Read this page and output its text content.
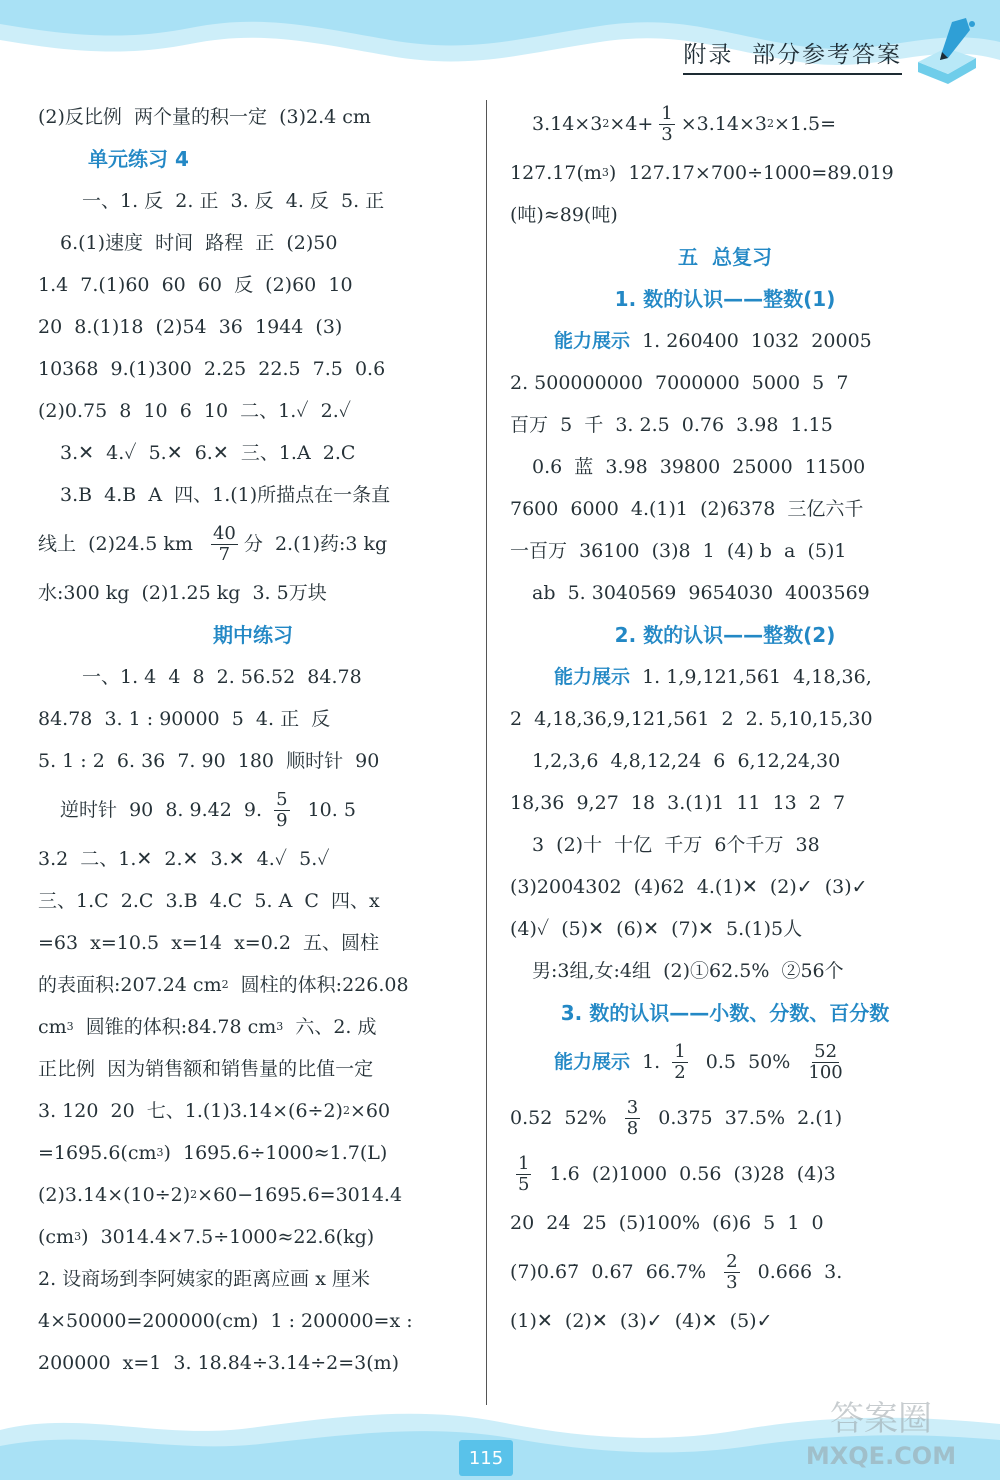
附录  部分参考答案
(2)反比例  两个量的积一定  (3)2.4 cm
单元练习 4
一、1. 反  2. 正  3. 反  4. 反  5. 正
6.(1)速度  时间  路程  正  (2)50
1.4  7.(1)60  60  60  反  (2)60  10
20  8.(1)18  (2)54  36  1944  (3)
10368  9.(1)300  2.25  22.5  7.5  0.6
(2)0.75  8  10  6  10  二、1.✓  2.✓
3.✕  4.✓  5.✕  6.✕  三、1.A  2.C
3.B  4.B  A  四、1.(1)所描点在一条直
线上  (2)24.5 km $\frac{40}{7}$ 分  2.(1)药:3 kg
水:300 kg  (2)1.25 kg  3. 5万块
期中练习
一、1. 4  4  8  2. 56.52  84.78
84.78  3. 1 : 90000  5  4. 正  反
5. 1 : 2  6. 36  7. 90  180  顺时针  90
逆时针  90  8. 9.42  9. $\frac{5}{9} 10$. 5
3.2  二、1.✕  2.✕  3.✕  4.✓  5.✓
三、1.C  2.C  3.B  4.C  5. A  C  四、x
=63  x=10.5  x=14  x=0.2  五、圆柱
的表面积:207.24 cm 2 圆柱的体积:226.08
cm 3 圆锥的体积:84.78 cm 3 六、2. 成
正比例  因为销售额和销售量的比值一定
3. 120  20  七、1.(1)3.14×(6÷2) 2 ×60
=1695.6(cm 3 )  1695.6÷1000≈1.7(L)
(2)3.14×(10÷2) 2 ×60−1695.6=3014.4
(cm 3 )  3014.4×7.5÷1000≈22.6(kg)
2. 设商场到李阿姨家的距离应画 x 厘米
4×50000=200000(cm)  1 : 200000=x :
200000  x=1  3. 18.84÷3.14÷2=3(m)
3.14×3 $2 \times 4+ \frac{1}{3} \times 3.14\times 3$ 2 ×1.5=
127.17(m 3 )  127.17×700÷1000=89.019
(吨)≈89(吨)
五  总复习
1. 数的认识——整数(1)
能力展示 1. 260400  1032  20005
2. 500000000  7000000  5000  5  7
百万  5  千  3. 2.5  0.76  3.98  1.15
0.6  蓝  3.98  39800  25000  11500
7600  6000  4.(1)1  (2)6378  三亿六千
一百万  36100  (3)8  1  (4) b  a  (5)1
ab  5. 3040569  9654030  4003569
2. 数的认识——整数(2)
能力展示 1. 1,9,121,561  4,18,36,
2  4,18,36,9,121,561  2  2. 5,10,15,30
1,2,3,6  4,8,12,24  6  6,12,24,30
18,36  9,27  18  3.(1)1  11  13  2  7
3  (2)十  十亿  千万  6个千万  38
(3)2004302  (4)62  4.(1)✕  (2)✓  (3)✓
(4)✓  (5)✕  (6)✕  (7)✕  5.(1)5人
男:3组,女:4组  (2)①62.5%  ②56个
3. 数的认识——小数、分数、百分数
能力展示 1. $\frac{1}{2} 0.5$  $50\% \frac{52}{100}$
0.52  $52\% \frac{3}{8} 0.375$  37.5%  2.(1)
$\frac{1}{5} 1.6$  (2)1000  0.56  (3)28  (4)3
20  24  25  (5)100%  (6)6  5  1  0
(7)0. 6̇7̇ 0.67  $66.7\% \frac{2}{3} 0.666$  3.
(1)✕  (2)✕  (3)✓  (4)✕  (5)✓
115
答案圈
MXQE.COM
